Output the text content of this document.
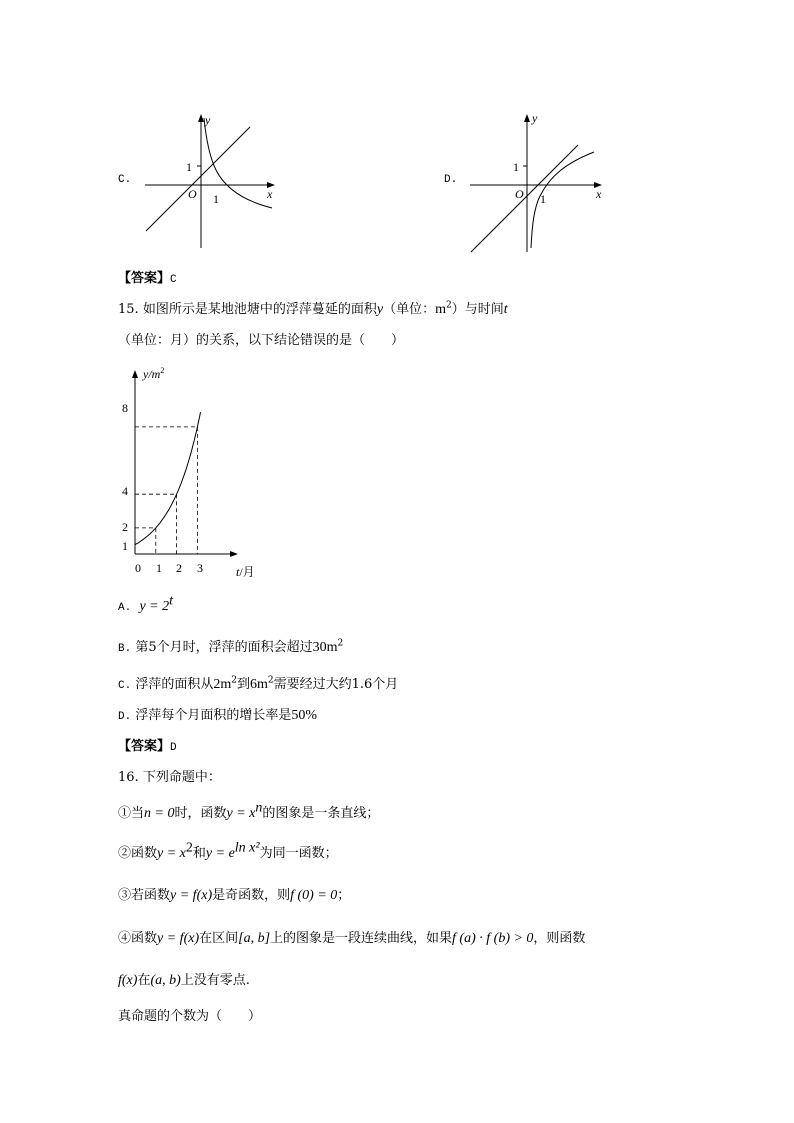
C.
y
x
O
1
1
D.
y
x
O
1
1
【答案】C
15. 如图所示是某地池塘中的浮萍蔓延的面积y（单位：$m^2$）与时间t
（单位：月）的关系，以下结论错误的是（　　）
$y/m^2$
8
4
2
1
0 1 2 3	t/月
A. $y = 2^t$
B. 第5个月时，浮萍的面积会超过$30m^2$
C. 浮萍的面积从$2m^2$到$6m^2$需要经过大约1.6个月
D. 浮萍每个月面积的增长率是50%
【答案】D
16. 下列命题中：
①当n = 0时，函数$y = x^n$的图象是一条直线；
②函数$y = x^2$和$y = e^{ln x^2}$为同一函数；
③若函数y = f(x)是奇函数，则f (0) = 0；
④函数y = f(x)在区间[a, b]上的图象是一段连续曲线，如果f (a) · f (b) > 0，则函数
f(x)在(a, b)上没有零点.
真命题的个数为（　　）
